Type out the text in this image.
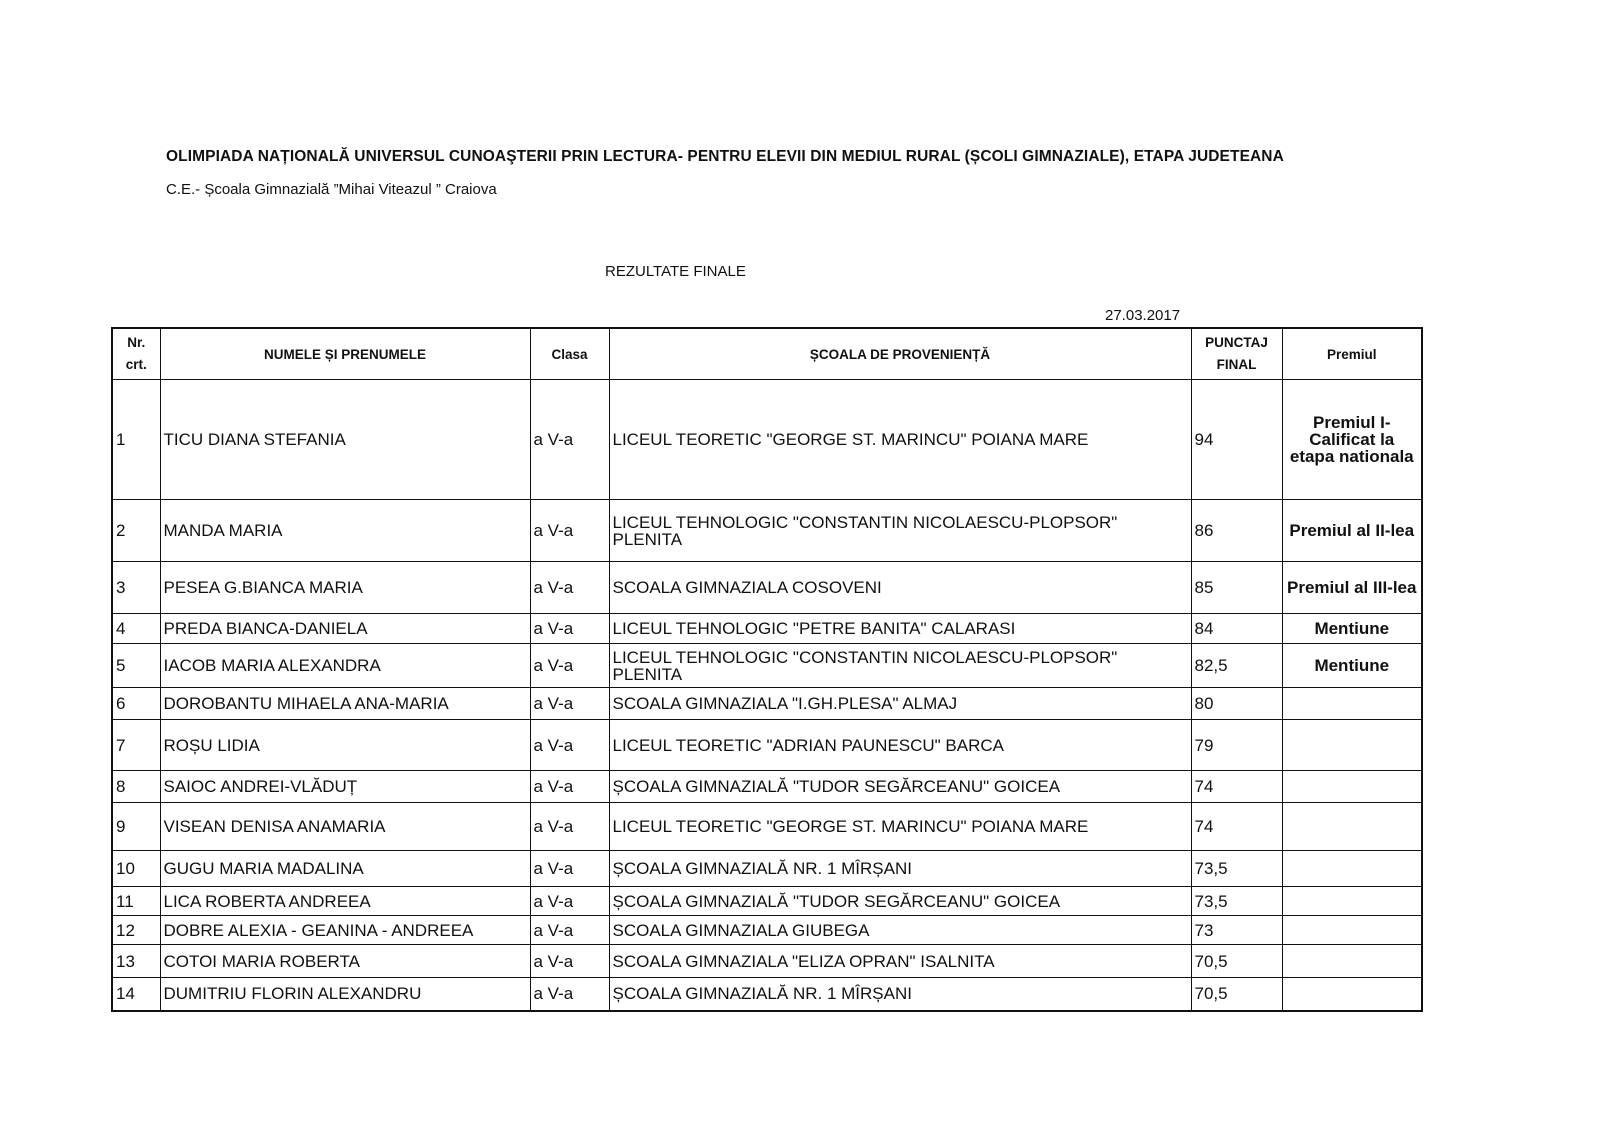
OLIMPIADA NAȚIONALĂ UNIVERSUL CUNOAŞTERII PRIN LECTURA- PENTRU ELEVII DIN MEDIUL RURAL (ȘCOLI GIMNAZIALE), ETAPA JUDETEANA
C.E.- Școala Gimnazială ”Mihai Viteazul ” Craiova
REZULTATE FINALE
27.03.2017
Nr. crt.	NUMELE ȘI PRENUMELE	Clasa	ȘCOALA DE PROVENIENȚĂ	PUNCTAJ FINAL	Premiul
1	TICU DIANA STEFANIA	a V-a	LICEUL TEORETIC "GEORGE ST. MARINCU" POIANA MARE	94	Premiul I-Calificat la etapa nationala
2	MANDA MARIA	a V-a	LICEUL TEHNOLOGIC "CONSTANTIN NICOLAESCU-PLOPSOR" PLENITA	86	Premiul al II-lea
3	PESEA G.BIANCA MARIA	a V-a	SCOALA GIMNAZIALA COSOVENI	85	Premiul al III-lea
4	PREDA BIANCA-DANIELA	a V-a	LICEUL TEHNOLOGIC "PETRE BANITA" CALARASI	84	Mentiune
5	IACOB MARIA ALEXANDRA	a V-a	LICEUL TEHNOLOGIC "CONSTANTIN NICOLAESCU-PLOPSOR" PLENITA	82,5	Mentiune
6	DOROBANTU MIHAELA ANA-MARIA	a V-a	SCOALA GIMNAZIALA "I.GH.PLESA" ALMAJ	80	
7	ROȘU LIDIA	a V-a	LICEUL TEORETIC "ADRIAN PAUNESCU" BARCA	79	
8	SAIOC ANDREI-VLĂDUȚ	a V-a	ȘCOALA GIMNAZIALĂ "TUDOR SEGĂRCEANU" GOICEA	74	
9	VISEAN DENISA ANAMARIA	a V-a	LICEUL TEORETIC "GEORGE ST. MARINCU" POIANA MARE	74	
10	GUGU MARIA MADALINA	a V-a	ȘCOALA GIMNAZIALĂ NR. 1 MÎRȘANI	73,5	
11	LICA ROBERTA ANDREEA	a V-a	ȘCOALA GIMNAZIALĂ "TUDOR SEGĂRCEANU" GOICEA	73,5	
12	DOBRE ALEXIA - GEANINA - ANDREEA	a V-a	SCOALA GIMNAZIALA GIUBEGA	73	
13	COTOI MARIA ROBERTA	a V-a	SCOALA GIMNAZIALA "ELIZA OPRAN" ISALNITA	70,5	
14	DUMITRIU FLORIN ALEXANDRU	a V-a	ȘCOALA GIMNAZIALĂ NR. 1 MÎRȘANI	70,5	
